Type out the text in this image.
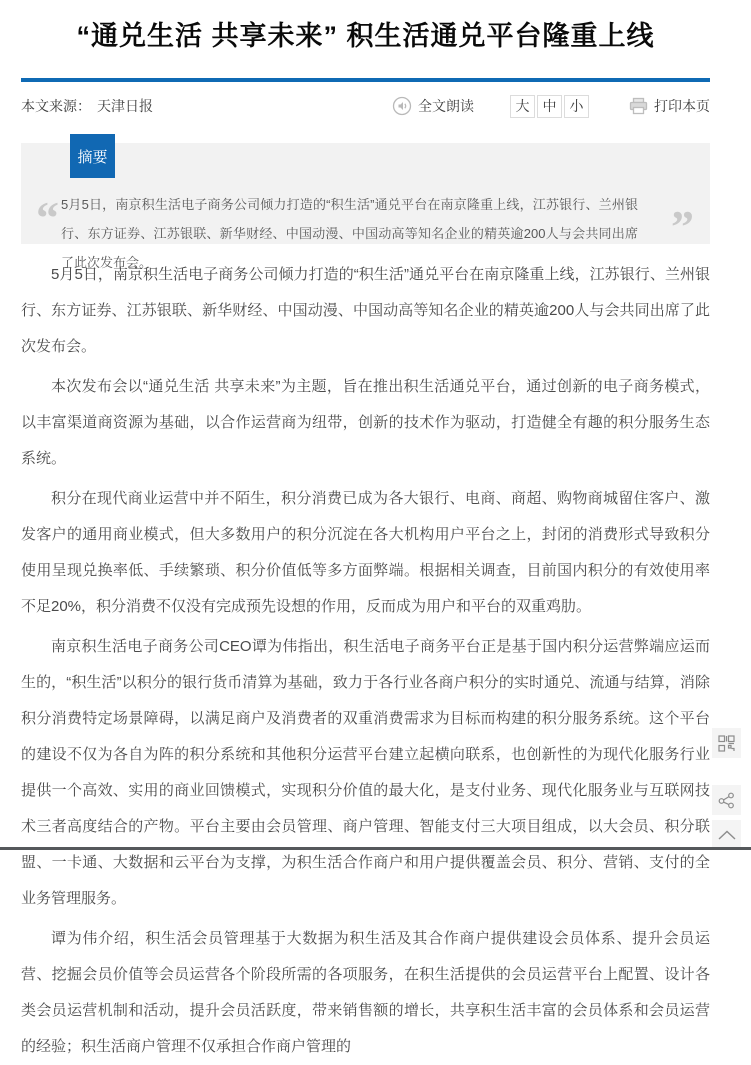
“通兑生活 共享未来” 积生活通兑平台隆重上线
本文来源： 天津日报	全文朗读	大 中 小	打印本页
摘要
“ 5月5日，南京积生活电子商务公司倾力打造的“积生活”通兑平台在南京隆重上线，江苏银行、兰州银行、东方证券、江苏银联、新华财经、中国动漫、中国动高等知名企业的精英逾200人与会共同出席了此次发布会。
”

5月5日，南京积生活电子商务公司倾力打造的“积生活”通兑平台在南京隆重上线，江苏银行、兰州银行、东方证券、江苏银联、新华财经、中国动漫、中国动高等知名企业的精英逾200人与会共同出席了此次发布会。

本次发布会以“通兑生活 共享未来”为主题，旨在推出积生活通兑平台，通过创新的电子商务模式，以丰富渠道商资源为基础，以合作运营商为纽带，创新的技术作为驱动，打造健全有趣的积分服务生态系统。

积分在现代商业运营中并不陌生，积分消费已成为各大银行、电商、商超、购物商城留住客户、激发客户的通用商业模式，但大多数用户的积分沉淀在各大机构用户平台之上，封闭的消费形式导致积分使用呈现兑换率低、手续繁琐、积分价值低等多方面弊端。根据相关调查，目前国内积分的有效使用率不足20%，积分消费不仅没有完成预先设想的作用，反而成为用户和平台的双重鸡肋。

南京积生活电子商务公司CEO谭为伟指出，积生活电子商务平台正是基于国内积分运营弊端应运而生的，“积生活”以积分的银行货币清算为基础，致力于各行业各商户积分的实时通兑、流通与结算，消除积分消费特定场景障碍，以满足商户及消费者的双重消费需求为目标而构建的积分服务系统。这个平台的建设不仅为各自为阵的积分系统和其他积分运营平台建立起横向联系，也创新性的为现代化服务行业提供一个高效、实用的商业回馈模式，实现积分价值的最大化，是支付业务、现代化服务业与互联网技术三者高度结合的产物。平台主要由会员管理、商户管理、智能支付三大项目组成，以大会员、积分联盟、一卡通、大数据和云平台为支撑，为积生活合作商户和用户提供覆盖会员、积分、营销、支付的全业务管理服务。

谭为伟介绍，积生活会员管理基于大数据为积生活及其合作商户提供建设会员体系、提升会员运营、挖掘会员价值等会员运营各个阶段所需的各项服务，在积生活提供的会员运营平台上配置、设计各类会员运营机制和活动，提升会员活跃度，带来销售额的增长，共享积生活丰富的会员体系和会员运营的经验；积生活商户管理不仅承担合作商户管理的
